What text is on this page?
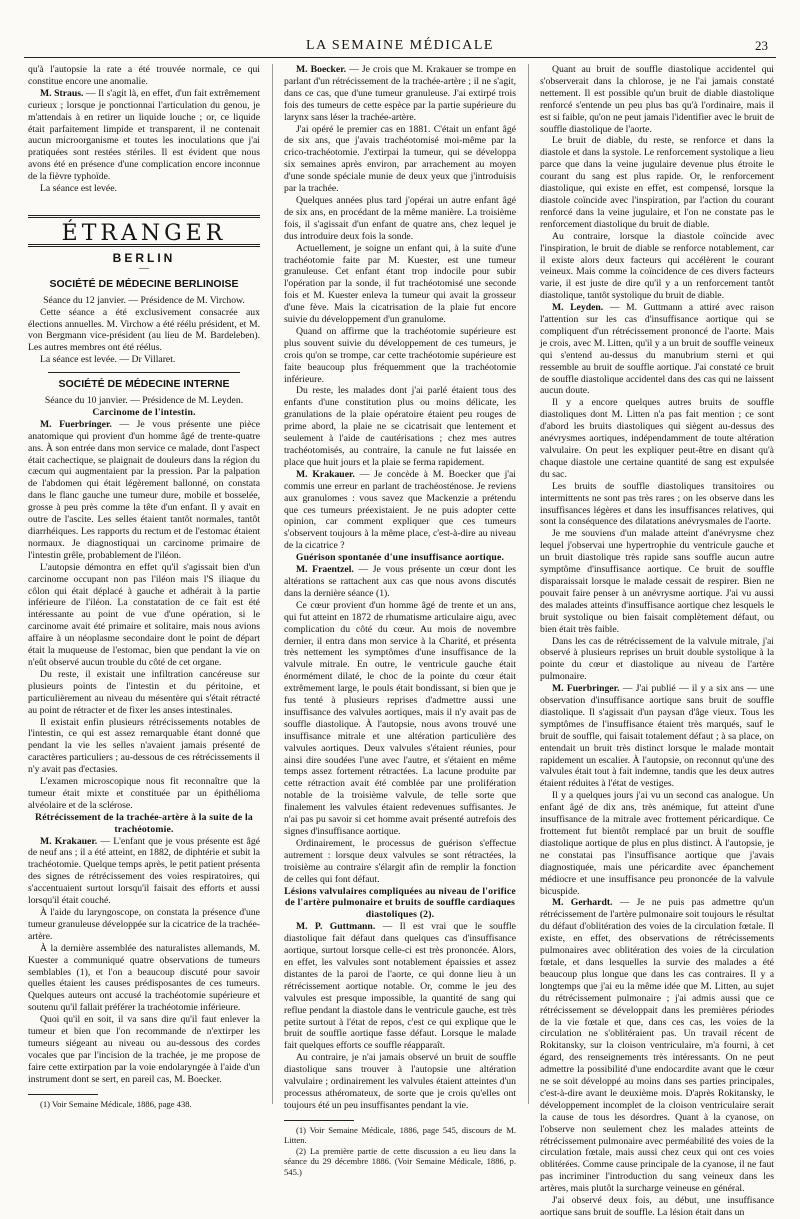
LA SEMAINE MÉDICALE	23

qu'à l'autopsie la rate a été trouvée normale, ce qui constitue encore une anomalie.

M. Straus. — Il s'agit là, en effet, d'un fait extrêmement curieux ; lorsque je ponctionnai l'articulation du genou, je m'attendais à en retirer un liquide louche ; or, ce liquide était parfaitement limpide et transparent, il ne contenait aucun microorganisme et toutes les inoculations que j'ai pratiquées sont restées stériles. Il est évident que nous avons été en présence d'une complication encore inconnue de la fièvre typhoïde.

La séance est levée.

ÉTRANGER
BERLIN
—
SOCIÉTÉ DE MÉDECINE BERLINOISE

Séance du 12 janvier. — Présidence de M. Virchow.

Cette séance a été exclusivement consacrée aux élections annuelles. M. Virchow a été réélu président, et M. von Bergmann vice-président (au lieu de M. Bardeleben). Les autres membres ont été réélus.

La séance est levée. — Dr Villaret.

SOCIÉTÉ DE MÉDECINE INTERNE

Séance du 10 janvier. — Présidence de M. Leyden.

Carcinome de l'intestin.

M. Fuerbringer. — Je vous présente une pièce anatomique qui provient d'un homme âgé de trente-quatre ans. À son entrée dans mon service ce malade, dont l'aspect était cachectique, se plaignait de douleurs dans la région du cæcum qui augmentaient par la pression. Par la palpation de l'abdomen qui était légèrement ballonné, on constata dans le flanc gauche une tumeur dure, mobile et bosselée, grosse à peu près comme la tête d'un enfant. Il y avait en outre de l'ascite. Les selles étaient tantôt normales, tantôt diarrhéiques. Les rapports du rectum et de l'estomac étaient normaux. Je diagnostiquai un carcinome primaire de l'intestin grêle, probablement de l'iléon.

L'autopsie démontra en effet qu'il s'agissait bien d'un carcinome occupant non pas l'iléon mais l'S iliaque du côlon qui était déplacé à gauche et adhérait à la partie inférieure de l'iléon. La constatation de ce fait est été intéressante au point de vue d'une opération, si le carcinome avait été primaire et solitaire, mais nous avions affaire à un néoplasme secondaire dont le point de départ était la muqueuse de l'estomac, bien que pendant la vie on n'eût observé aucun trouble du côté de cet organe.

Du reste, il existait une infiltration cancéreuse sur plusieurs points de l'intestin et du péritoine, et particulièrement au niveau du mésentère qui s'était rétracté au point de rétracter et de fixer les anses intestinales.

Il existait enfin plusieurs rétrécissements notables de l'intestin, ce qui est assez remarquable étant donné que pendant la vie les selles n'avaient jamais présenté de caractères particuliers ; au-dessous de ces rétrécissements il n'y avait pas d'ectasies.

L'examen microscopique nous fit reconnaître que la tumeur était mixte et constituée par un épithélioma alvéolaire et de la sclérose.

Rétrécissement de la trachée-artère à la suite de la trachéotomie.

M. Krakauer. — L'enfant que je vous présente est âgé de neuf ans ; il a été atteint, en 1882, de diphtérie et subit la trachéotomie. Quelque temps après, le petit patient présenta des signes de rétrécissement des voies respiratoires, qui s'accentuaient surtout lorsqu'il faisait des efforts et aussi lorsqu'il était couché.

À l'aide du laryngoscope, on constata la présence d'une tumeur granuleuse développée sur la cicatrice de la trachée-artère.

À la dernière assemblée des naturalistes allemands, M. Kuester a communiqué quatre observations de tumeurs semblables (1), et l'on a beaucoup discuté pour savoir quelles étaient les causes prédisposantes de ces tumeurs. Quelques auteurs ont accusé la trachéotomie supérieure et soutenu qu'il fallait préférer la trachéotomie inférieure.

Quoi qu'il en soit, il va sans dire qu'il faut enlever la tumeur et bien que l'on recommande de n'extirper les tumeurs siégeant au niveau ou au-dessous des cordes vocales que par l'incision de la trachée, je me propose de faire cette extirpation par la voie endolaryngée à l'aide d'un instrument dont se sert, en pareil cas, M. Boecker.

(1) Voir Semaine Médicale, 1886, page 438.

M. Boecker. — Je crois que M. Krakauer se trompe en parlant d'un rétrécissement de la trachée-artère ; il ne s'agit, dans ce cas, que d'une tumeur granuleuse. J'ai extirpé trois fois des tumeurs de cette espèce par la partie supérieure du larynx sans léser la trachée-artère.

J'ai opéré le premier cas en 1881. C'était un enfant âgé de six ans, que j'avais trachéotomisé moi-même par la crico-trachéotomie. J'extirpai la tumeur, qui se développa six semaines après environ, par arrachement au moyen d'une sonde spéciale munie de deux yeux que j'introduisis par la trachée.

Quelques années plus tard j'opérai un autre enfant âgé de six ans, en procédant de la même manière. La troisième fois, il s'agissait d'un enfant de quatre ans, chez lequel je dus introduire deux fois la sonde.

Actuellement, je soigne un enfant qui, à la suite d'une trachéotomie faite par M. Kuester, est une tumeur granuleuse. Cet enfant étant trop indocile pour subir l'opération par la sonde, il fut trachéotomisé une seconde fois et M. Kuester enleva la tumeur qui avait la grosseur d'une fève. Mais la cicatrisation de la plaie fut encore suivie du développement d'un granulome.

Quand on affirme que la trachéotomie supérieure est plus souvent suivie du développement de ces tumeurs, je crois qu'on se trompe, car cette trachéotomie supérieure est faite beaucoup plus fréquemment que la trachéotomie inférieure.

Du reste, les malades dont j'ai parlé étaient tous des enfants d'une constitution plus ou moins délicate, les granulations de la plaie opératoire étaient peu rouges de prime abord, la plaie ne se cicatrisait que lentement et seulement à l'aide de cautérisations ; chez mes autres trachéotomisés, au contraire, la canule ne fut laissée en place que huit jours et la plaie se ferma rapidement.

M. Krakauer. — Je concède à M. Boecker que j'ai commis une erreur en parlant de trachéosténose. Je reviens aux granulomes : vous savez que Mackenzie a prétendu que ces tumeurs préexistaient. Je ne puis adopter cette opinion, car comment expliquer que ces tumeurs s'observent toujours à la même place, c'est-à-dire au niveau de la cicatrice ?

Guérison spontanée d'une insuffisance aortique.

M. Fraentzel. — Je vous présente un cœur dont les altérations se rattachent aux cas que nous avons discutés dans la dernière séance (1).

Ce cœur provient d'un homme âgé de trente et un ans, qui fut atteint en 1872 de rhumatisme articulaire aigu, avec complication du côté du cœur. Au mois de novembre dernier, il entra dans mon service à la Charité, et présenta très nettement les symptômes d'une insuffisance de la valvule mitrale. En outre, le ventricule gauche était énormément dilaté, le choc de la pointe du cœur était extrêmement large, le pouls était bondissant, si bien que je fus tenté à plusieurs reprises d'admettre aussi une insuffisance des valvules aortiques, mais il n'y avait pas de souffle diastolique. À l'autopsie, nous avons trouvé une insuffisance mitrale et une altération particulière des valvules aortiques. Deux valvules s'étaient réunies, pour ainsi dire soudées l'une avec l'autre, et s'étaient en même temps assez fortement rétractées. La lacune produite par cette rétraction avait été comblée par une prolifération notable de la troisième valvule, de telle sorte que finalement les valvules étaient redevenues suffisantes. Je n'ai pas pu savoir si cet homme avait présenté autrefois des signes d'insuffisance aortique.

Ordinairement, le processus de guérison s'effectue autrement : lorsque deux valvules se sont rétractées, la troisième au contraire s'élargit afin de remplir la fonction de celles qui font défaut.

Lésions valvulaires compliquées au niveau de l'orifice de l'artère pulmonaire et bruits de souffle cardiaques diastoliques (2).

M. P. Guttmann. — Il est vrai que le souffle diastolique fait défaut dans quelques cas d'insuffisance aortique, surtout lorsque celle-ci est très prononcée. Alors, en effet, les valvules sont notablement épaissies et assez distantes de la paroi de l'aorte, ce qui donne lieu à un rétrécissement aortique notable. Or, comme le jeu des valvules est presque impossible, la quantité de sang qui reflue pendant la diastole dans le ventricule gauche, est très petite surtout à l'état de repos, c'est ce qui explique que le bruit de souffle aortique fasse défaut. Lorsque le malade fait quelques efforts ce souffle réapparaît.

Au contraire, je n'ai jamais observé un bruit de souffle diastolique sans trouver à l'autopsie une altération valvulaire ; ordinairement les valvules étaient atteintes d'un processus athéromateux, de sorte que je crois qu'elles ont toujours été un peu insuffisantes pendant la vie.

(1) Voir Semaine Médicale, 1886, page 545, discours de M. Litten.

(2) La première partie de cette discussion a eu lieu dans la séance du 29 décembre 1886. (Voir Semaine Médicale, 1886, p. 545.)

Quant au bruit de souffle diastolique accidentel qui s'observerait dans la chlorose, je ne l'ai jamais constaté nettement. Il est possible qu'un bruit de diable diastolique renforcé s'entende un peu plus bas qu'à l'ordinaire, mais il est si faible, qu'on ne peut jamais l'identifier avec le bruit de souffle diastolique de l'aorte.

Le bruit de diable, du reste, se renforce et dans la diastole et dans la systole. Le renforcement systolique a lieu parce que dans la veine jugulaire devenue plus étroite le courant du sang est plus rapide. Or, le renforcement diastolique, qui existe en effet, est compensé, lorsque la diastole coïncide avec l'inspiration, par l'action du courant renforcé dans la veine jugulaire, et l'on ne constate pas le renforcement diastolique du bruit de diable.

Au contraire, lorsque la diastole coïncide avec l'inspiration, le bruit de diable se renforce notablement, car il existe alors deux facteurs qui accélèrent le courant veineux. Mais comme la coïncidence de ces divers facteurs varie, il est juste de dire qu'il y a un renforcement tantôt diastolique, tantôt systolique du bruit de diable.

M. Leyden. — M. Guttmann a attiré avec raison l'attention sur les cas d'insuffisance aortique qui se compliquent d'un rétrécissement prononcé de l'aorte. Mais je crois, avec M. Litten, qu'il y a un bruit de souffle veineux qui s'entend au-dessus du manubrium sterni et qui ressemble au bruit de souffle aortique. J'ai constaté ce bruit de souffle diastolique accidentel dans des cas qui ne laissent aucun doute.

Il y a encore quelques autres bruits de souffle diastoliques dont M. Litten n'a pas fait mention ; ce sont d'abord les bruits diastoliques qui siègent au-dessus des anévrysmes aortiques, indépendamment de toute altération valvulaire. On peut les expliquer peut-être en disant qu'à chaque diastole une certaine quantité de sang est expulsée du sac.

Les bruits de souffle diastoliques transitoires ou intermittents ne sont pas très rares ; on les observe dans les insuffisances légères et dans les insuffisances relatives, qui sont la conséquence des dilatations anévrysmales de l'aorte.

Je me souviens d'un malade atteint d'anévrysme chez lequel j'observai une hypertrophie du ventricule gauche et un bruit diastolique très rapide sans souffle aucun autre symptôme d'insuffisance aortique. Ce bruit de souffle disparaissait lorsque le malade cessait de respirer. Bien ne pouvait faire penser à un anévrysme aortique. J'ai vu aussi des malades atteints d'insuffisance aortique chez lesquels le bruit systolique ou bien faisait complètement défaut, ou bien était très faible.

Dans les cas de rétrécissement de la valvule mitrale, j'ai observé à plusieurs reprises un bruit double systolique à la pointe du cœur et diastolique au niveau de l'artère pulmonaire.

M. Fuerbringer. — J'ai publié — il y a six ans — une observation d'insuffisance aortique sans bruit de souffle diastolique. Il s'agissait d'un paysan d'âge vieux. Tous les symptômes de l'insuffisance étaient très marqués, sauf le bruit de souffle, qui faisait totalement défaut ; à sa place, on entendait un bruit très distinct lorsque le malade montait rapidement un escalier. À l'autopsie, on reconnut qu'une des valvules était tout à fait indemne, tandis que les deux autres étaient réduites à l'état de vestiges.

Il y a quelques jours j'ai vu un second cas analogue. Un enfant âgé de dix ans, très anémique, fut atteint d'une insuffisance de la mitrale avec frottement péricardique. Ce frottement fut bientôt remplacé par un bruit de souffle diastolique aortique de plus en plus distinct. À l'autopsie, je ne constatai pas l'insuffisance aortique que j'avais diagnostiquée, mais une péricardite avec épanchement médiocre et une insuffisance peu prononcée de la valvule bicuspide.

M. Gerhardt. — Je ne puis pas admettre qu'un rétrécissement de l'artère pulmonaire soit toujours le résultat du défaut d'oblitération des voies de la circulation fœtale. Il existe, en effet, des observations de rétrécissements pulmonaires avec oblitération des voies de la circulation fœtale, et dans lesquelles la survie des malades a été beaucoup plus longue que dans les cas contraires. Il y a longtemps que j'ai eu la même idée que M. Litten, au sujet du rétrécissement pulmonaire ; j'ai admis aussi que ce rétrécissement se développait dans les premières périodes de la vie fœtale et que, dans ces cas, les voies de la circulation ne s'oblitéraient pas. Un travail récent de Rokitansky, sur la cloison ventriculaire, m'a fourni, à cet égard, des renseignements très intéressants. On ne peut admettre la possibilité d'une endocardite avant que le cœur ne se soit développé au moins dans ses parties principales, c'est-à-dire avant le deuxième mois. D'après Rokitansky, le développement incomplet de la cloison ventriculaire serait la cause de tous les désordres. Quant à la cyanose, on l'observe non seulement chez les malades atteints de rétrécissement pulmonaire avec perméabilité des voies de la circulation fœtale, mais aussi chez ceux qui ont ces voies oblitérées. Comme cause principale de la cyanose, il ne faut pas incriminer l'introduction du sang veineux dans les artères, mais plutôt la surcharge veineuse en général.

J'ai observé deux fois, au début, une insuffisance aortique sans bruit de souffle. La lésion était dans un
